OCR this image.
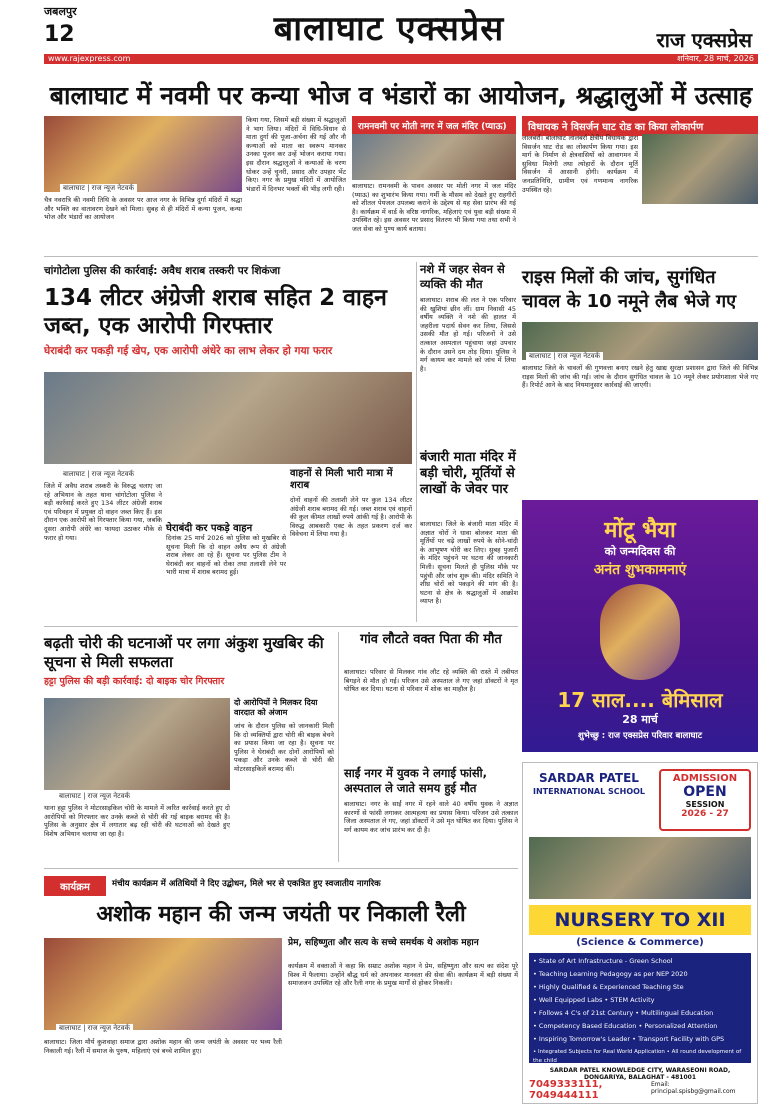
जबलपुर
12	बालाघाट एक्सप्रेस	राज एक्सप्रेस
www.rajexpress.com	शनिवार, 28 मार्च, 2026
बालाघाट में नवमी पर कन्या भोज व भंडारों का आयोजन, श्रद्धालुओं में उत्साह
बालाघाट | राज न्यूज नेटवर्क
चैत्र नवरात्रि की नवमी तिथि के अवसर पर आज नगर के विभिन्न दुर्गा मंदिरों में श्रद्धा और भक्ति का वातावरण देखने को मिला। सुबह से ही मंदिरों में कन्या पूजन, कन्या भोज और भंडारों का आयोजन
किया गया, जिसमें बड़ी संख्या में श्रद्धालुओं ने भाग लिया। मंदिरों में विधि-विधान से माता दुर्गा की पूजा-अर्चना की गई और नौ कन्याओं को माता का स्वरूप मानकर उनका पूजन कर उन्हें भोजन कराया गया। इस दौरान श्रद्धालुओं ने कन्याओं के चरण धोकर उन्हें चुनरी, प्रसाद और उपहार भेंट किए। नगर के प्रमुख मंदिरों में आयोजित भंडारों में दिनभर भक्तों की भीड़ लगी रही।
रामनवमी पर मोती नगर में जल मंदिर (प्याऊ)
बालाघाट। रामनवमी के पावन अवसर पर मोती नगर में जल मंदिर (प्याऊ) का शुभारंभ किया गया। गर्मी के मौसम को देखते हुए राहगीरों को शीतल पेयजल उपलब्ध कराने के उद्देश्य से यह सेवा प्रारंभ की गई है। कार्यक्रम में वार्ड के वरिष्ठ नागरिक, महिलाएं एवं युवा बड़ी संख्या में उपस्थित रहे। इस अवसर पर प्रसाद वितरण भी किया गया तथा सभी ने जल सेवा को पुण्य कार्य बताया।
विधायक ने विसर्जन घाट रोड का किया लोकार्पण
लालबर्रा। बालाघाट लालबर्रा क्षेत्रीय विधायक द्वारा विसर्जन घाट रोड का लोकार्पण किया गया। इस मार्ग के निर्माण से क्षेत्रवासियों को आवागमन में सुविधा मिलेगी तथा त्योहारों के दौरान मूर्ति विसर्जन में आसानी होगी। कार्यक्रम में जनप्रतिनिधि, ग्रामीण एवं गणमान्य नागरिक उपस्थित रहे।
चांगोटोला पुलिस की कार्रवाई: अवैध शराब तस्करी पर शिकंजा
134 लीटर अंग्रेजी शराब सहित 2 वाहन जब्त, एक आरोपी गिरफ्तार
घेराबंदी कर पकड़ी गई खेप, एक आरोपी अंधेरे का लाभ लेकर हो गया फरार
बालाघाट | राज न्यूज नेटवर्क
जिले में अवैध शराब तस्करी के विरुद्ध चलाए जा रहे अभियान के तहत थाना चांगोटोला पुलिस ने बड़ी कार्रवाई करते हुए 134 लीटर अंग्रेजी शराब एवं परिवहन में प्रयुक्त दो वाहन जब्त किए हैं। इस दौरान एक आरोपी को गिरफ्तार किया गया, जबकि दूसरा आरोपी अंधेरे का फायदा उठाकर मौके से फरार हो गया।
घेराबंदी कर पकड़े वाहन
दिनांक 25 मार्च 2026 को पुलिस को मुखबिर से सूचना मिली कि दो वाहन अवैध रूप से अंग्रेजी शराब लेकर आ रहे हैं। सूचना पर पुलिस टीम ने घेराबंदी कर वाहनों को रोका तथा तलाशी लेने पर भारी मात्रा में शराब बरामद हुई।
वाहनों से मिली भारी मात्रा में शराब
दोनों वाहनों की तलाशी लेने पर कुल 134 लीटर अंग्रेजी शराब बरामद की गई। जब्त शराब एवं वाहनों की कुल कीमत लाखों रुपये आंकी गई है। आरोपी के विरुद्ध आबकारी एक्ट के तहत प्रकरण दर्ज कर विवेचना में लिया गया है।
नशे में जहर सेवन से व्यक्ति की मौत
बालाघाट। शराब की लत ने एक परिवार की खुशियां छीन लीं। ग्राम निवासी 45 वर्षीय व्यक्ति ने नशे की हालत में जहरीला पदार्थ सेवन कर लिया, जिससे उसकी मौत हो गई। परिजनों ने उसे तत्काल अस्पताल पहुंचाया जहां उपचार के दौरान उसने दम तोड़ दिया। पुलिस ने मर्ग कायम कर मामले को जांच में लिया है।
राइस मिलों की जांच, सुगंधित चावल के 10 नमूने लैब भेजे गए
बालाघाट | राज न्यूज नेटवर्क
बालाघाट जिले के चावलों की गुणवत्ता बनाए रखने हेतु खाद्य सुरक्षा प्रशासन द्वारा जिले की विभिन्न राइस मिलों की जांच की गई। जांच के दौरान सुगंधित चावल के 10 नमूने लेकर प्रयोगशाला भेजे गए हैं। रिपोर्ट आने के बाद नियमानुसार कार्रवाई की जाएगी।
बंजारी माता मंदिर में बड़ी चोरी, मूर्तियों से लाखों के जेवर पार
बालाघाट। जिले के बंजारी माता मंदिर में अज्ञात चोरों ने धावा बोलकर माता की मूर्तियों पर चढ़े लाखों रुपये के सोने-चांदी के आभूषण चोरी कर लिए। सुबह पुजारी के मंदिर पहुंचने पर घटना की जानकारी मिली। सूचना मिलते ही पुलिस मौके पर पहुंची और जांच शुरू की। मंदिर समिति ने शीघ्र चोरों को पकड़ने की मांग की है। घटना से क्षेत्र के श्रद्धालुओं में आक्रोश व्याप्त है।
मोंटू भैया
को जन्मदिवस की
अनंत शुभकामनाएं
17 साल.... बेमिसाल
28 मार्च
शुभेच्छु : राज एक्सप्रेस परिवार बालाघाट
बढ़ती चोरी की घटनाओं पर लगा अंकुश मुखबिर की सूचना से मिली सफलता
हट्टा पुलिस की बड़ी कार्रवाई: दो बाइक चोर गिरफ्तार
बालाघाट | राज न्यूज नेटवर्क
दो आरोपियों ने मिलकर दिया वारदात को अंजाम
जांच के दौरान पुलिस को जानकारी मिली कि दो व्यक्तियों द्वारा चोरी की बाइक बेचने का प्रयास किया जा रहा है। सूचना पर पुलिस ने घेराबंदी कर दोनों आरोपियों को पकड़ा और उनके कब्जे से चोरी की मोटरसाइकिलें बरामद कीं।
थाना हट्टा पुलिस ने मोटरसाइकिल चोरी के मामले में त्वरित कार्रवाई करते हुए दो आरोपियों को गिरफ्तार कर उनके कब्जे से चोरी की गई बाइक बरामद की है। पुलिस के अनुसार क्षेत्र में लगातार बढ़ रही चोरी की घटनाओं को देखते हुए विशेष अभियान चलाया जा रहा है।
गांव लौटते वक्त पिता की मौत
बालाघाट। परिवार से मिलकर गांव लौट रहे व्यक्ति की रास्ते में तबीयत बिगड़ने से मौत हो गई। परिजन उसे अस्पताल ले गए जहां डॉक्टरों ने मृत घोषित कर दिया। घटना से परिवार में शोक का माहौल है।
साईं नगर में युवक ने लगाई फांसी, अस्पताल ले जाते समय हुई मौत
बालाघाट। नगर के साईं नगर में रहने वाले 40 वर्षीय युवक ने अज्ञात कारणों से फांसी लगाकर आत्महत्या का प्रयास किया। परिजन उसे तत्काल जिला अस्पताल ले गए, जहां डॉक्टरों ने उसे मृत घोषित कर दिया। पुलिस ने मर्ग कायम कर जांच प्रारंभ कर दी है।
SARDAR PATEL
INTERNATIONAL SCHOOL
ADMISSION
OPEN
SESSION
2026 - 27
NURSERY TO XII
(Science & Commerce)
• State of Art Infrastructure - Green School
• Teaching Learning Pedagogy as per NEP 2020
• Highly Qualified & Experienced Teaching Ste
• Well Equipped Labs • STEM Activity
• Follows 4 C's of 21st Century • Multilingual Education
• Competency Based Education • Personalized Attention
• Inspiring Tomorrow's Leader • Transport Facility with GPS
• Integrated Subjects for Real World Application • All round development of the child
SARDAR PATEL KNOWLEDGE CITY, WARASEONI ROAD, DONGARIYA, BALAGHAT - 481001
7049333111, 7049444111
Email: principal.spisbg@gmail.com
कार्यक्रम	मंचीय कार्यक्रम में अतिथियों ने दिए उद्बोधन, मिले भर से एकत्रित हुए स्वजातीय नागरिक
अशोक महान की जन्म जयंती पर निकाली रैली
बालाघाट | राज न्यूज नेटवर्क
बालाघाट। जिला मौर्य कुशवाहा समाज द्वारा अशोक महान की जन्म जयंती के अवसर पर भव्य रैली निकाली गई। रैली में समाज के पुरुष, महिलाएं एवं बच्चे शामिल हुए।
प्रेम, सहिष्णुता और सत्य के सच्चे समर्थक थे अशोक महान
कार्यक्रम में वक्ताओं ने कहा कि सम्राट अशोक महान ने प्रेम, सहिष्णुता और सत्य का संदेश पूरे विश्व में फैलाया। उन्होंने बौद्ध धर्म को अपनाकर मानवता की सेवा की। कार्यक्रम में बड़ी संख्या में समाजजन उपस्थित रहे और रैली नगर के प्रमुख मार्गों से होकर निकली।
